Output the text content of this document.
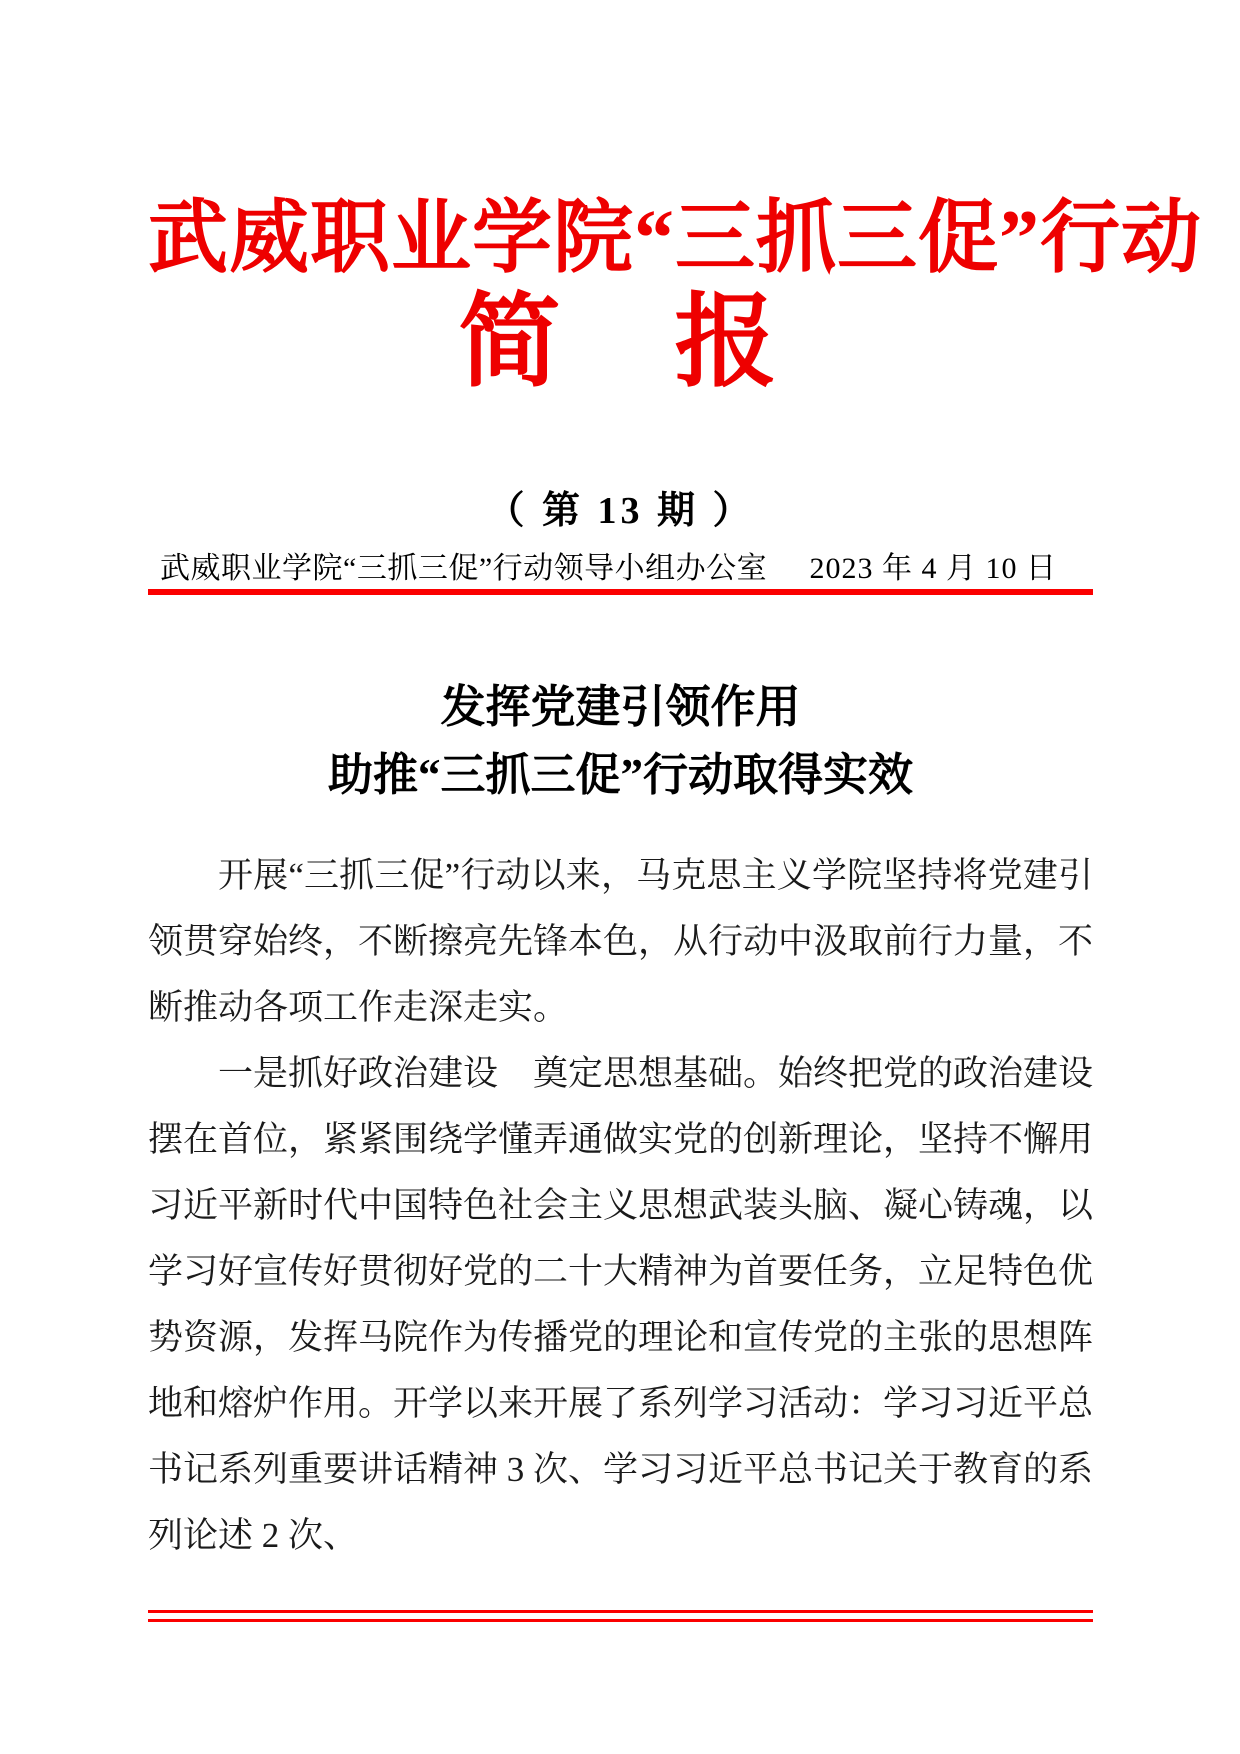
武威职业学院“三抓三促”行动
简　报
（ 第 13 期 ）
武威职业学院“三抓三促”行动领导小组办公室 2023 年 4 月 10 日
发挥党建引领作用
助推“三抓三促”行动取得实效

开展“三抓三促”行动以来，马克思主义学院坚持将党建引领贯穿始终，不断擦亮先锋本色，从行动中汲取前行力量，不断推动各项工作走深走实。

一是抓好政治建设　奠定思想基础。始终把党的政治建设摆在首位，紧紧围绕学懂弄通做实党的创新理论，坚持不懈用习近平新时代中国特色社会主义思想武装头脑、凝心铸魂，以学习好宣传好贯彻好党的二十大精神为首要任务，立足特色优势资源，发挥马院作为传播党的理论和宣传党的主张的思想阵地和熔炉作用。开学以来开展了系列学习活动：学习习近平总书记系列重要讲话精神 3 次、学习习近平总书记关于教育的系列论述 2 次、
